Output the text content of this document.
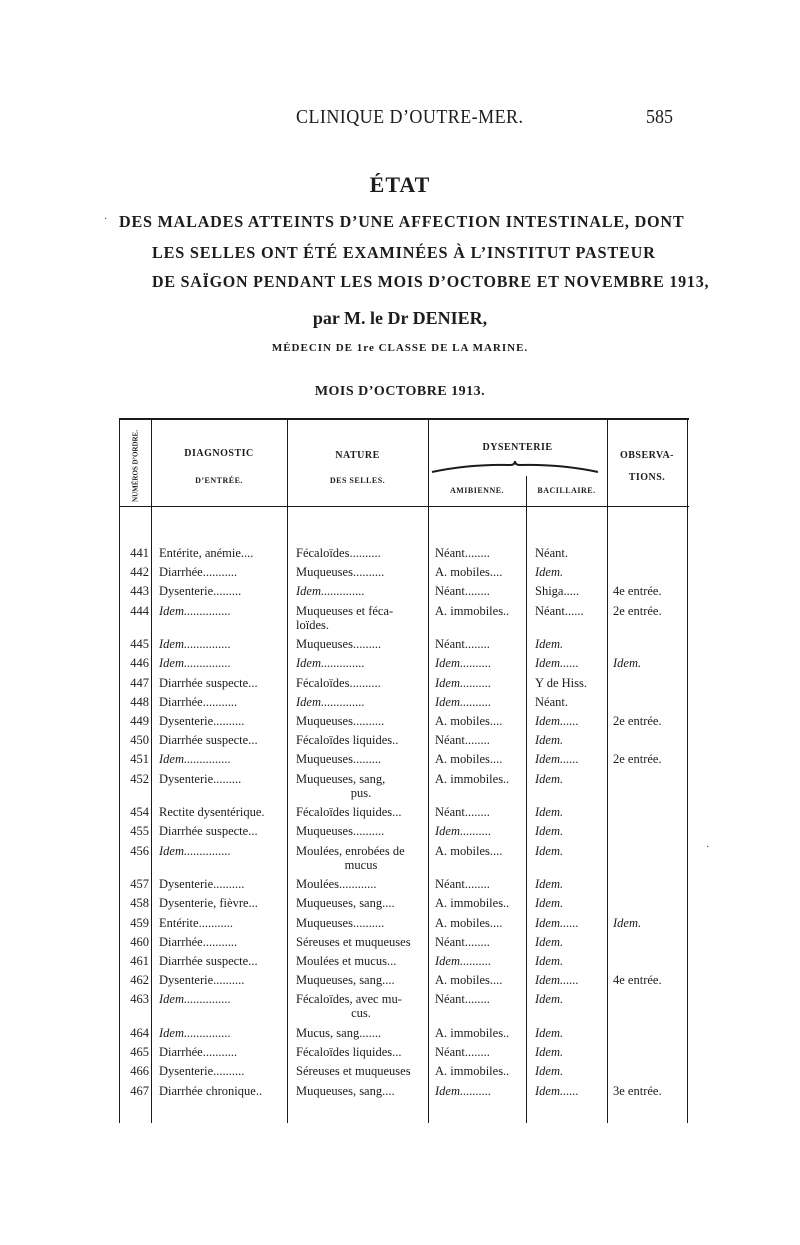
CLINIQUE D’OUTRE-MER.	585
ÉTAT
DES MALADES ATTEINTS D’UNE AFFECTION INTESTINALE, DONT
LES SELLES ONT ÉTÉ EXAMINÉES À L’INSTITUT PASTEUR
DE SAÏGON PENDANT LES MOIS D’OCTOBRE ET NOVEMBRE 1913,
par M. le Dr DENIER,
MÉDECIN DE 1re CLASSE DE LA MARINE.
MOIS D’OCTOBRE 1913.
NUMÉROS D’ORDRE.	DIAGNOSTIC
D’ENTRÉE.
NATURE
DES SELLES.
DYSENTERIE
AMIBIENNE.	BACILLAIRE.
OBSERVA-
TIONS.
441 Entérite, anémie....	Fécaloïdes..........	Néant........	Néant.
442 Diarrhée...........	Muqueuses..........	A. mobiles....	Idem.
443 Dysenterie.........	Idem..............	Néant........	Shiga.....	4e entrée.
444 Idem...............	Muqueuses et féca-	A. immobiles..	Néant......	2e entrée.
loïdes.
445 Idem...............	Muqueuses.........	Néant........	Idem.
446 Idem...............	Idem..............	Idem..........	Idem......	Idem.
447 Diarrhée suspecte...	Fécaloïdes..........	Idem..........	Y de Hiss.
448 Diarrhée...........	Idem..............	Idem..........	Néant.
449 Dysenterie..........	Muqueuses..........	A. mobiles....	Idem......	2e entrée.
450 Diarrhée suspecte...	Fécaloïdes liquides..	Néant........	Idem.
451 Idem...............	Muqueuses.........	A. mobiles....	Idem......	2e entrée.
452 Dysenterie.........	Muqueuses, sang,	A. immobiles..	Idem.
pus.
454 Rectite dysentérique.	Fécaloïdes liquides...	Néant........	Idem.
455 Diarrhée suspecte...	Muqueuses..........	Idem..........	Idem.
456 Idem...............	Moulées, enrobées de	A. mobiles....	Idem.
mucus
457 Dysenterie..........	Moulées............	Néant........	Idem.
458 Dysenterie, fièvre...	Muqueuses, sang....	A. immobiles..	Idem.
459 Entérite...........	Muqueuses..........	A. mobiles....	Idem......	Idem.
460 Diarrhée...........	Séreuses et muqueuses	Néant........	Idem.
461 Diarrhée suspecte...	Moulées et mucus...	Idem..........	Idem.
462 Dysenterie..........	Muqueuses, sang....	A. mobiles....	Idem......	4e entrée.
463 Idem...............	Fécaloïdes, avec mu-	Néant........	Idem.
cus.
464 Idem...............	Mucus, sang.......	A. immobiles..	Idem.
465 Diarrhée...........	Fécaloïdes liquides...	Néant........	Idem.
466 Dysenterie..........	Séreuses et muqueuses	A. immobiles..	Idem.
467 Diarrhée chronique..	Muqueuses, sang....	Idem..........	Idem......	3e entrée.
·
·
